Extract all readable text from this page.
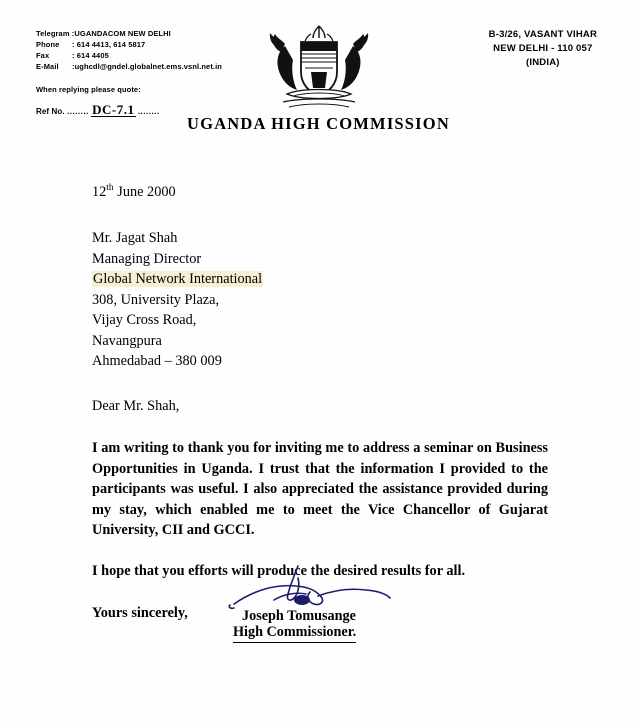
Telegram :UGANDACOM NEW DELHI
Phone : 614 4413, 614 5817
Fax	: 614 4405
E-Mail :ughcdl@gndel.globalnet.ems.vsnl.net.in
When replying please quote:
Ref No. ........ DC-7.1 ........
UGANDA HIGH COMMISSION
B-3/26, VASANT VIHAR
NEW DELHI - 110 057
(INDIA)
12th June 2000
Mr. Jagat Shah
Managing Director
Global Network International
308, University Plaza,
Vijay Cross Road,
Navangpura
Ahmedabad – 380 009
Dear Mr. Shah,
I am writing to thank you for inviting me to address a seminar on Business Opportunities in Uganda. I trust that the information I provided to the participants was useful. I also appreciated the assistance provided during my stay, which enabled me to meet the Vice Chancellor of Gujarat University, CII and GCCI.
I hope that you efforts will produce the desired results for all.
Yours sincerely,	Joseph Tomusange
High Commissioner.
